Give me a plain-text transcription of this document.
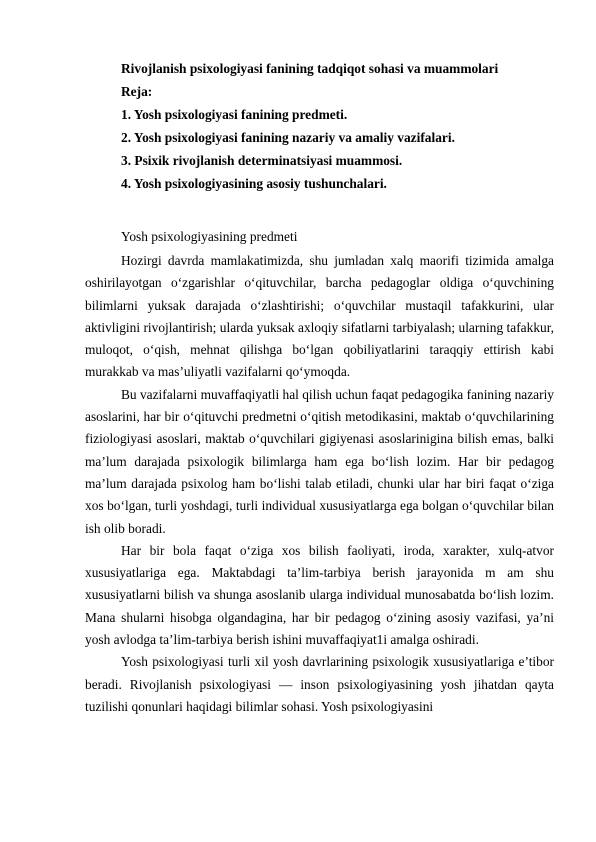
Rivojlanish psixologiyasi fanining tadqiqot sohasi va muammolari
Reja:
1. Yosh psixologiyasi fanining predmeti.
2. Yosh psixologiyasi fanining nazariy va amaliy vazifalari.
3. Psixik rivojlanish determinatsiyasi muammosi.
4. Yosh psixologiyasining asosiy tushunchalari.
Yosh psixologiyasining predmeti

Hozirgi davrda mamlakatimizda, shu jumladan xalq maorifi tizimida amalga oshirilayotgan o‘zgarishlar o‘qituvchilar, barcha pedagoglar oldiga o‘quvchining bilimlarni yuksak darajada o‘zlashtirishi; o‘quvchilar mustaqil tafakkurini, ular aktivligini rivojlantirish; ularda yuksak axloqiy sifatlarni tarbiyalash; ularning tafakkur, muloqot, o‘qish, mehnat qilishga bo‘lgan qobiliyatlarini taraqqiy ettirish kabi murakkab va mas’uliyatli vazifalarni qo‘ymoqda.

Bu vazifalarni muvaffaqiyatli hal qilish uchun faqat pedagogika fanining nazariy asoslarini, har bir o‘qituvchi predmetni o‘qitish metodikasini, maktab o‘quvchilarining fiziologiyasi asoslari, maktab o‘quvchilari gigiyenasi asoslarinigina bilish emas, balki ma’lum darajada psixologik bilimlarga ham ega bo‘lish lozim. Har bir pedagog ma’lum darajada psixolog ham bo‘lishi talab etiladi, chunki ular har biri faqat o‘ziga xos bo‘lgan, turli yoshdagi, turli individual xususiyatlarga ega bolgan o‘quvchilar bilan ish olib boradi.

Har bir bola faqat o‘ziga xos bilish faoliyati, iroda, xarakter, xulq-atvor xususiyatlariga ega. Maktabdagi ta’lim-tarbiya berish jarayonida m am shu xususiyatlarni bilish va shunga asoslanib ularga individual munosabatda bo‘lish lozim. Mana shularni hisobga olgandagina, har bir pedagog o‘zining asosiy vazifasi, ya’ni yosh avlodga ta’lim-tarbiya berish ishini muvaffaqiyat1i amalga oshiradi.

Yosh psixologiyasi turli xil yosh davrlarining psixologik xususiyatlariga e’tibor beradi. Rivojlanish psixologiyasi — inson psixologiyasining yosh jihatdan qayta tuzilishi qonunlari haqidagi bilimlar sohasi. Yosh psixologiyasini
